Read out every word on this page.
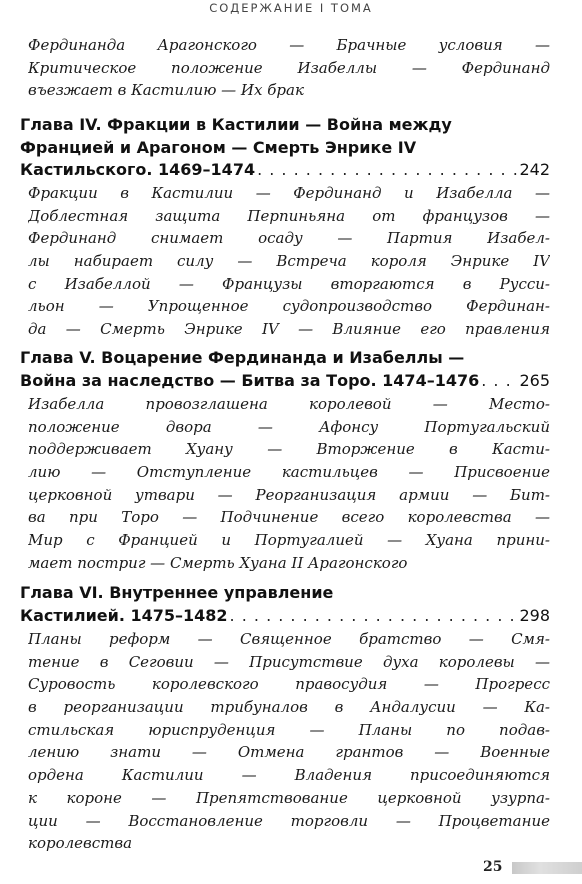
СОДЕРЖАНИЕ I ТОМА
Фердинанда Арагонского — Брачные условия —
Критическое положение Изабеллы — Фердинанд
въезжает в Кастилию — Их брак
Глава IV. Фракции в Кастилии — Война между
Францией и Арагоном — Смерть Энрике IV
Кастильского. 1469–1474 . . .	242
Фракции в Кастилии — Фердинанд и Изабелла —
Доблестная защита Перпиньяна от французов —
Фердинанд снимает осаду — Партия Изабел-
лы набирает силу — Встреча короля Энрике IV
с Изабеллой — Французы вторгаются в Русси-
льон — Упрощенное судопроизводство Фердинан-
да — Смерть Энрике IV — Влияние его правления
Глава V. Воцарение Фердинанда и Изабеллы —
Война за наследство — Битва за Торо. 1474–1476 . . .	265
Изабелла провозглашена королевой — Место-
положение двора — Афонсу Португальский
поддерживает Хуану — Вторжение в Касти-
лию — Отступление кастильцев — Присвоение
церковной утвари — Реорганизация армии — Бит-
ва при Торо — Подчинение всего королевства —
Мир с Францией и Португалией — Хуана прини-
мает постриг — Смерть Хуана II Арагонского
Глава VI. Внутреннее управление
Кастилией. 1475–1482 . . .	298
Планы реформ — Священное братство — Смя-
тение в Сеговии — Присутствие духа королевы —
Суровость королевского правосудия — Прогресс
в реорганизации трибуналов в Андалусии — Ка-
стильская юриспруденция — Планы по подав-
лению знати — Отмена грантов — Военные
ордена Кастилии — Владения присоединяются
к короне — Препятствование церковной узурпа-
ции — Восстановление торговли — Процветание
королевства
25
